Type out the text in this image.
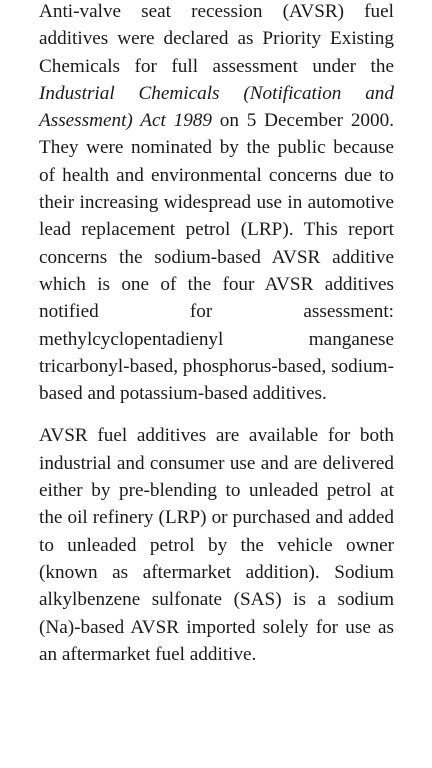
Anti-valve seat recession (AVSR) fuel additives were declared as Priority Existing Chemicals for full assessment under the Industrial Chemicals (Notification and Assessment) Act 1989 on 5 December 2000. They were nominated by the public because of health and environmental concerns due to their increasing widespread use in automotive lead replacement petrol (LRP). This report concerns the sodium-based AVSR additive which is one of the four AVSR additives notified for assessment: methylcyclopentadienyl manganese tricarbonyl-based, phosphorus-based, sodium-based and potassium-based additives.

AVSR fuel additives are available for both industrial and consumer use and are delivered either by pre-blending to unleaded petrol at the oil refinery (LRP) or purchased and added to unleaded petrol by the vehicle owner (known as aftermarket addition). Sodium alkylbenzene sulfonate (SAS) is a sodium (Na)-based AVSR imported solely for use as an aftermarket fuel additive.
